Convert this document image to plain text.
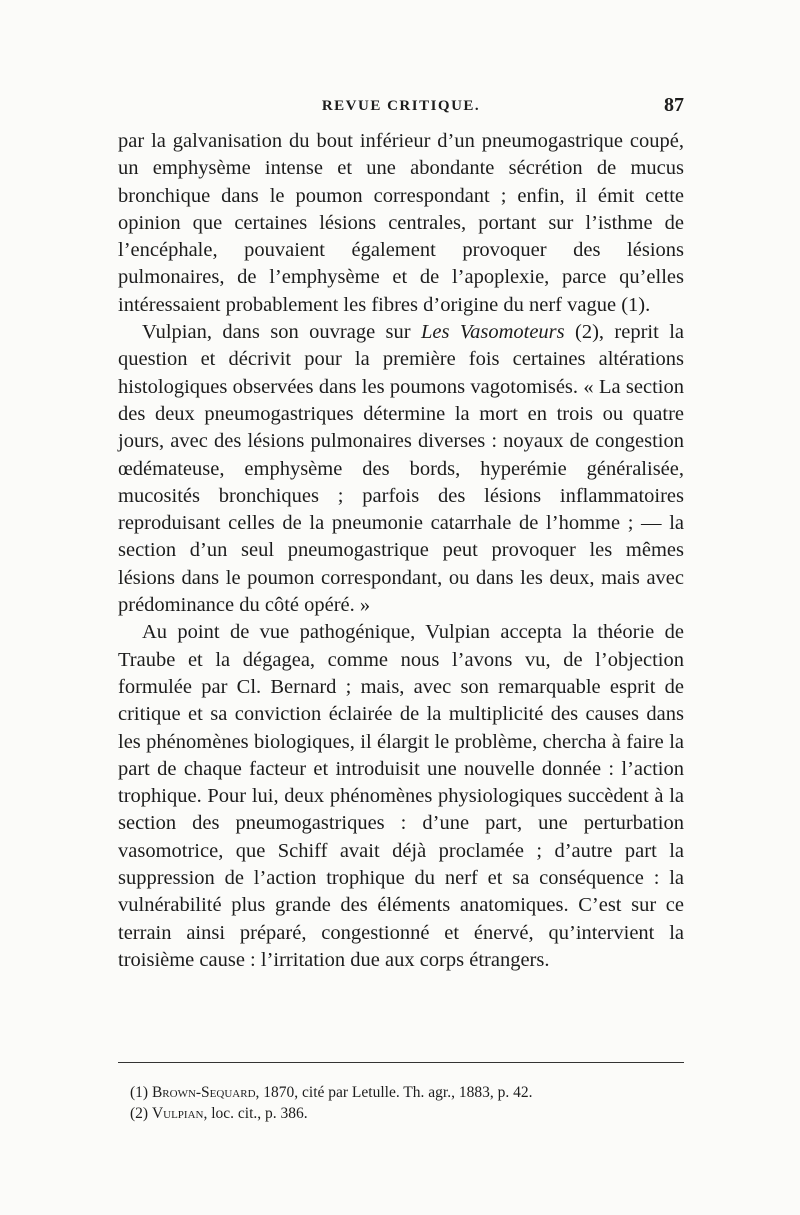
REVUE CRITIQUE.	87

par la galvanisation du bout inférieur d’un pneumogastrique coupé, un emphysème intense et une abondante sécrétion de mucus bronchique dans le poumon correspondant ; enfin, il émit cette opinion que certaines lésions centrales, portant sur l’isthme de l’encéphale, pouvaient également provoquer des lésions pulmonaires, de l’emphysème et de l’apoplexie, parce qu’elles intéressaient probablement les fibres d’origine du nerf vague (1).

Vulpian, dans son ouvrage sur Les Vasomoteurs (2), reprit la question et décrivit pour la première fois certaines altérations histologiques observées dans les poumons vagotomisés. « La section des deux pneumogastriques détermine la mort en trois ou quatre jours, avec des lésions pulmonaires diverses : noyaux de congestion œdémateuse, emphysème des bords, hyperémie généralisée, mucosités bronchiques ; parfois des lésions inflammatoires reproduisant celles de la pneumonie catarrhale de l’homme ; — la section d’un seul pneumogastrique peut provoquer les mêmes lésions dans le poumon correspondant, ou dans les deux, mais avec prédominance du côté opéré. »

Au point de vue pathogénique, Vulpian accepta la théorie de Traube et la dégagea, comme nous l’avons vu, de l’objection formulée par Cl. Bernard ; mais, avec son remarquable esprit de critique et sa conviction éclairée de la multiplicité des causes dans les phénomènes biologiques, il élargit le problème, chercha à faire la part de chaque facteur et introduisit une nouvelle donnée : l’action trophique. Pour lui, deux phénomènes physiologiques succèdent à la section des pneumogastriques : d’une part, une perturbation vasomotrice, que Schiff avait déjà proclamée ; d’autre part la suppression de l’action trophique du nerf et sa conséquence : la vulnérabilité plus grande des éléments anatomiques. C’est sur ce terrain ainsi préparé, congestionné et énervé, qu’intervient la troisième cause : l’irritation due aux corps étrangers.

(1) Brown-Sequard, 1870, cité par Letulle. Th. agr., 1883, p. 42.
(2) Vulpian, loc. cit., p. 386.
